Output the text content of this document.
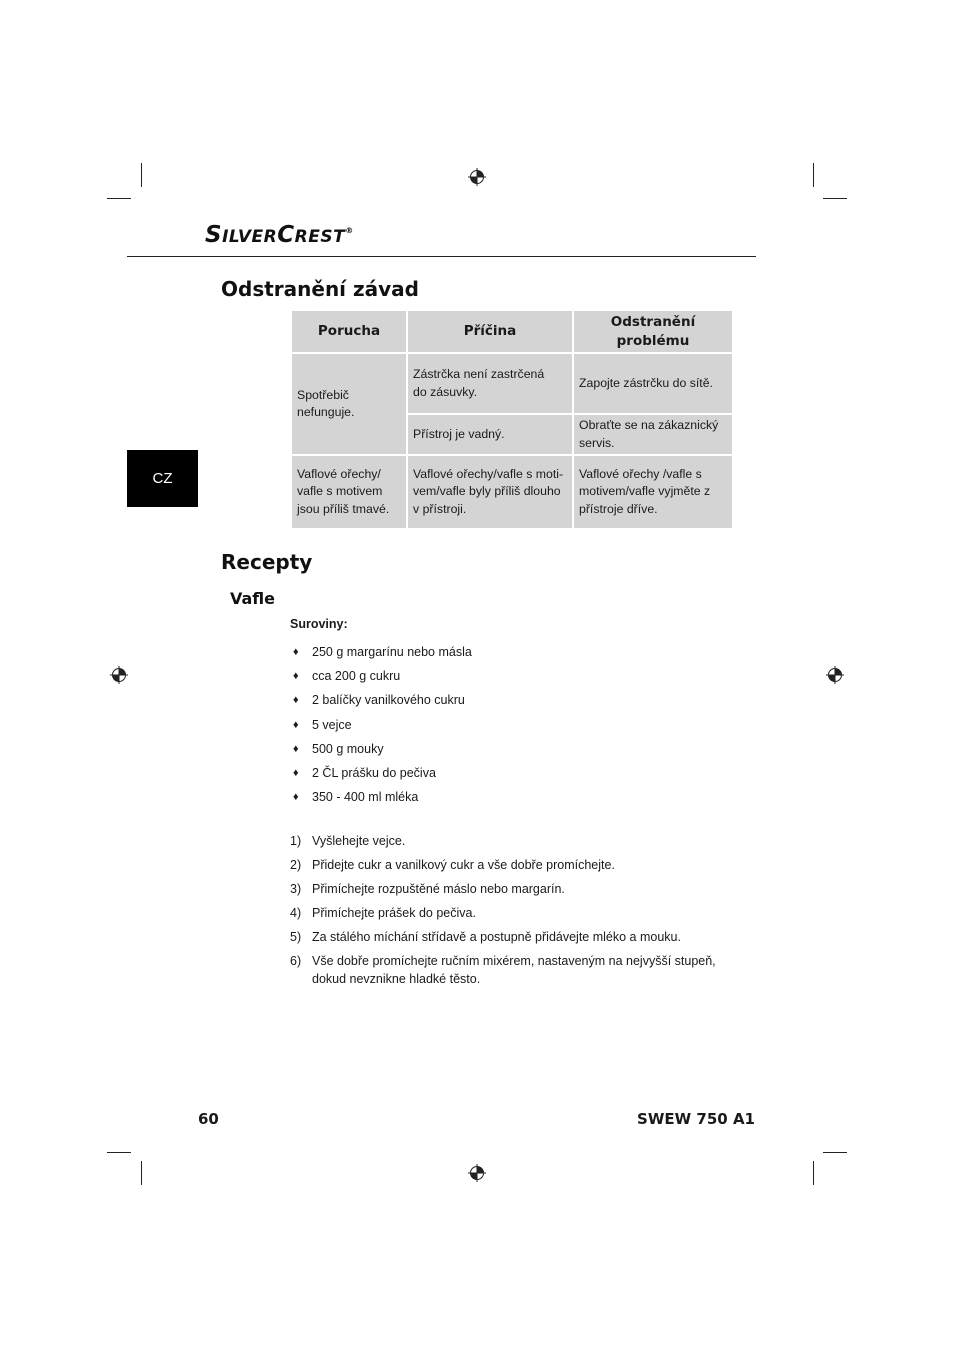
SILVERCREST®
Odstranění závad
CZ
Porucha	Příčina	Odstranění problému
Spotřebič nefunguje.	Zástrčka není zastrčená do zásuvky.	Zapojte zástrčku do sítě.
	Přístroj je vadný.	Obraťte se na zákaznický servis.
Vaflové ořechy/ vafle s motivem jsou příliš tmavé.	Vaflové ořechy/vafle s moti-vem/vafle byly příliš dlouho v přístroji.	Vaflové ořechy /vafle s motivem/vafle vyjměte z přístroje dříve.
Recepty
Vafle
Suroviny:
♦	250 g margarínu nebo másla
♦	cca 200 g cukru
♦	2 balíčky vanilkového cukru
♦	5 vejce
♦	500 g mouky
♦	2 ČL prášku do pečiva
♦	350 - 400 ml mléka
1) Vyšlehejte vejce.
2) Přidejte cukr a vanilkový cukr a vše dobře promíchejte.
3) Přimíchejte rozpuštěné máslo nebo margarín.
4) Přimíchejte prášek do pečiva.
5) Za stálého míchání střídavě a postupně přidávejte mléko a mouku.
6) Vše dobře promíchejte ručním mixérem, nastaveným na nejvyšší stupeň, dokud nevznikne hladké těsto.
60	SWEW 750 A1
